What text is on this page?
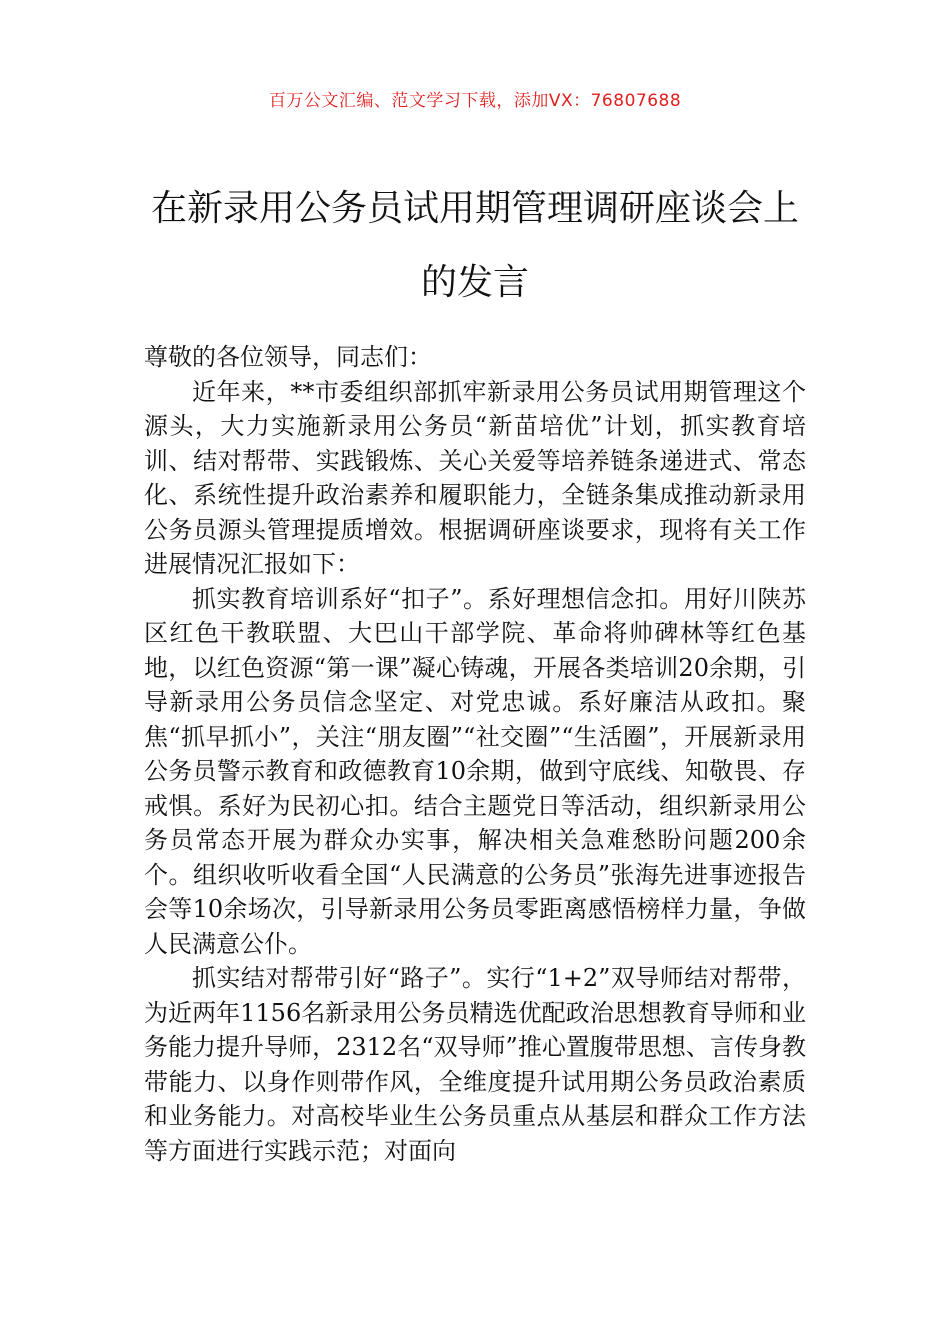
百万公文汇编、范文学习下载，添加VX：76807688
在新录用公务员试用期管理调研座谈会上的发言

尊敬的各位领导，同志们：

近年来，**市委组织部抓牢新录用公务员试用期管理这个源头，大力实施新录用公务员“新苗培优”计划，抓实教育培训、结对帮带、实践锻炼、关心关爱等培养链条递进式、常态化、系统性提升政治素养和履职能力，全链条集成推动新录用公务员源头管理提质增效。根据调研座谈要求，现将有关工作进展情况汇报如下：

抓实教育培训系好“扣子”。系好理想信念扣。用好川陕苏区红色干教联盟、大巴山干部学院、革命将帅碑林等红色基地，以红色资源“第一课”凝心铸魂，开展各类培训20余期，引导新录用公务员信念坚定、对党忠诚。系好廉洁从政扣。聚焦“抓早抓小”，关注“朋友圈”“社交圈”“生活圈”，开展新录用公务员警示教育和政德教育10余期，做到守底线、知敬畏、存戒惧。系好为民初心扣。结合主题党日等活动，组织新录用公务员常态开展为群众办实事，解决相关急难愁盼问题200余个。组织收听收看全国“人民满意的公务员”张海先进事迹报告会等10余场次，引导新录用公务员零距离感悟榜样力量，争做人民满意公仆。

抓实结对帮带引好“路子”。实行“1+2”双导师结对帮带，为近两年1156名新录用公务员精选优配政治思想教育导师和业务能力提升导师，2312名“双导师”推心置腹带思想、言传身教带能力、以身作则带作风，全维度提升试用期公务员政治素质和业务能力。对高校毕业生公务员重点从基层和群众工作方法等方面进行实践示范；对面向
